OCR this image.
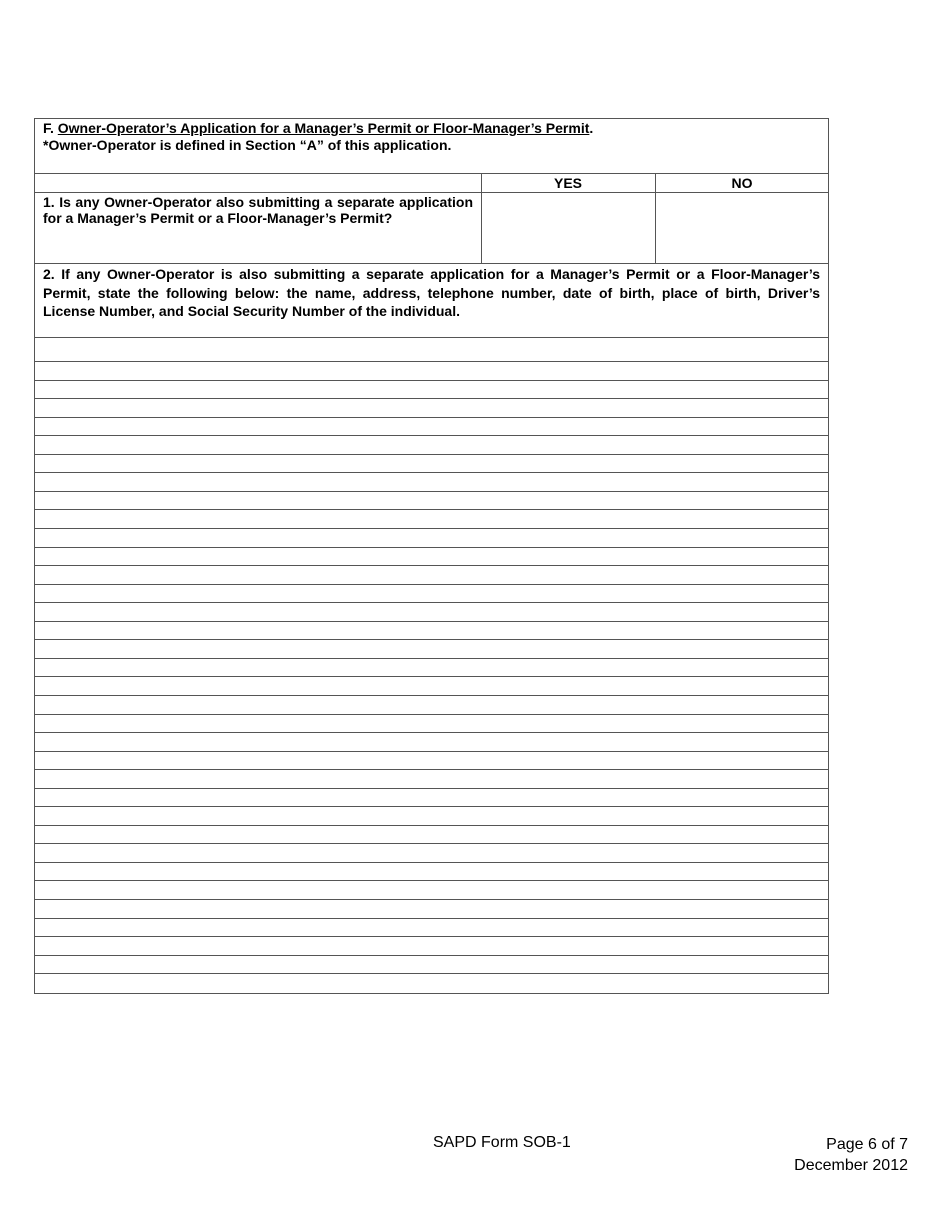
F. Owner-Operator’s Application for a Manager’s Permit or Floor-Manager’s Permit.
*Owner-Operator is defined in Section “A” of this application.
YES	NO
1. Is any Owner-Operator also submitting a separate application for a Manager’s Permit or a Floor-Manager’s Permit?
2. If any Owner-Operator is also submitting a separate application for a Manager’s Permit or a Floor-Manager’s Permit, state the following below: the name, address, telephone number, date of birth, place of birth, Driver’s License Number, and Social Security Number of the individual.
SAPD Form SOB-1	Page 6 of 7
December 2012
